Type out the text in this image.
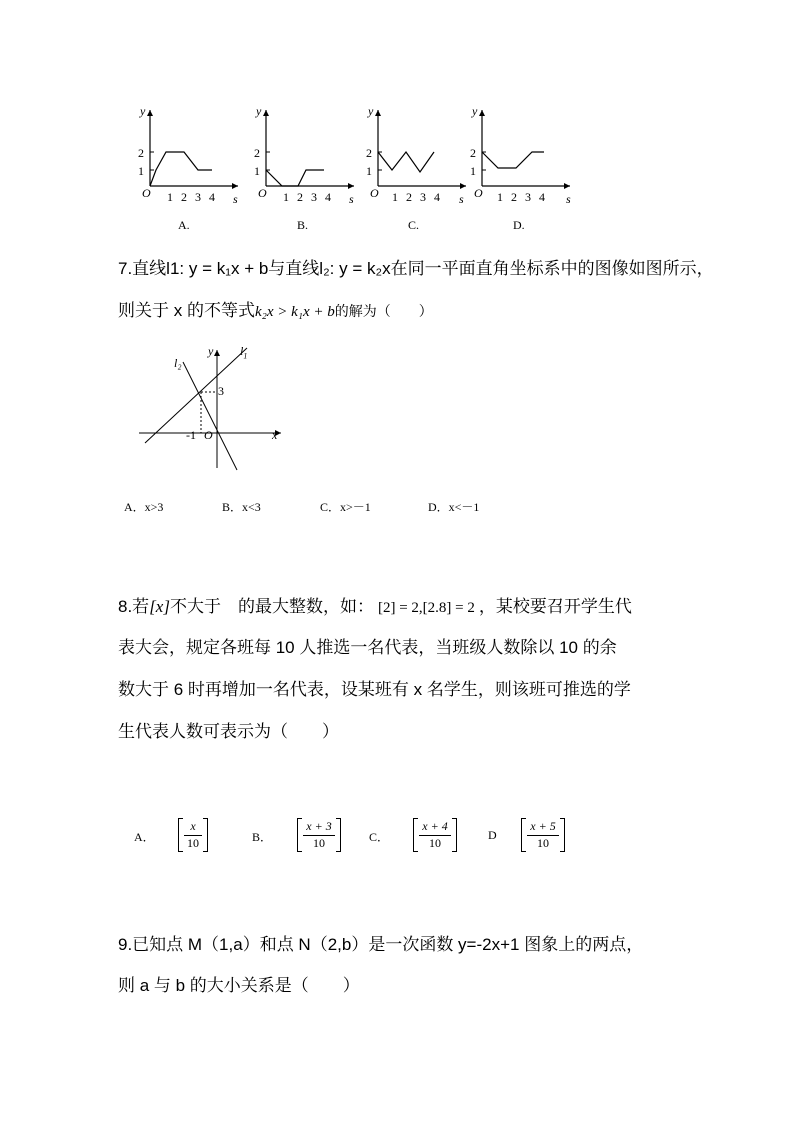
y
2
1
O 1 2 3 4 s
A.
y
2
1
O 1 2 3 4 s
B.
y
2
1
O 1 2 3 4 s
C.
y
2
1
O 1 2 3 4 s
D.
7.直线l1: y = k₁x + b与直线l₂: y = k₂x在同一平面直角坐标系中的图像如图所示，
则关于 x 的不等式k₂x > k₁x + b的解为（　　）
$l_1$
l₂
y
x
O
3
-1
A．x>3	B．x<3	C．x>－1	D．x<－1
8.若[x]不大于　的最大整数，如： [2] = 2,[2.8] = 2 ，某校要召开学生代
表大会，规定各班每 10 人推选一名代表，当班级人数除以 10 的余
数大于 6 时再增加一名代表，设某班有 x 名学生，则该班可推选的学
生代表人数可表示为（　　）
A．
x
10	B．
x + 3
10	C．
x + 4
10
D
x + 5
10
9.已知点 M（1,a）和点 N（2,b）是一次函数 y=-2x+1 图象上的两点，
则 a 与 b 的大小关系是（　　）
